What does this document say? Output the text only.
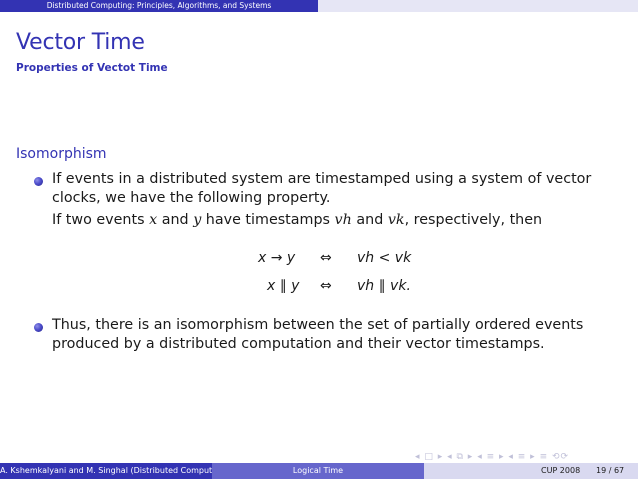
Distributed Computing: Principles, Algorithms, and Systems
Vector Time
Properties of Vectot Time
Isomorphism
If events in a distributed system are timestamped using a system of vector
clocks, we have the following property.
If two events x and y have timestamps vh and vk, respectively, then
x → y ⇔ vh < vk
x ∥ y ⇔ vh ∥ vk.
Thus, there is an isomorphism between the set of partially ordered events
produced by a distributed computation and their vector timestamps.
◂ □ ▸ ◂ ⧉ ▸ ◂ ≡ ▸ ◂ ≡ ▸ ≡ ⟲⟳
A. Kshemkalyani and M. Singhal (Distributed Comput	Logical Time	CUP 2008 19 / 67
